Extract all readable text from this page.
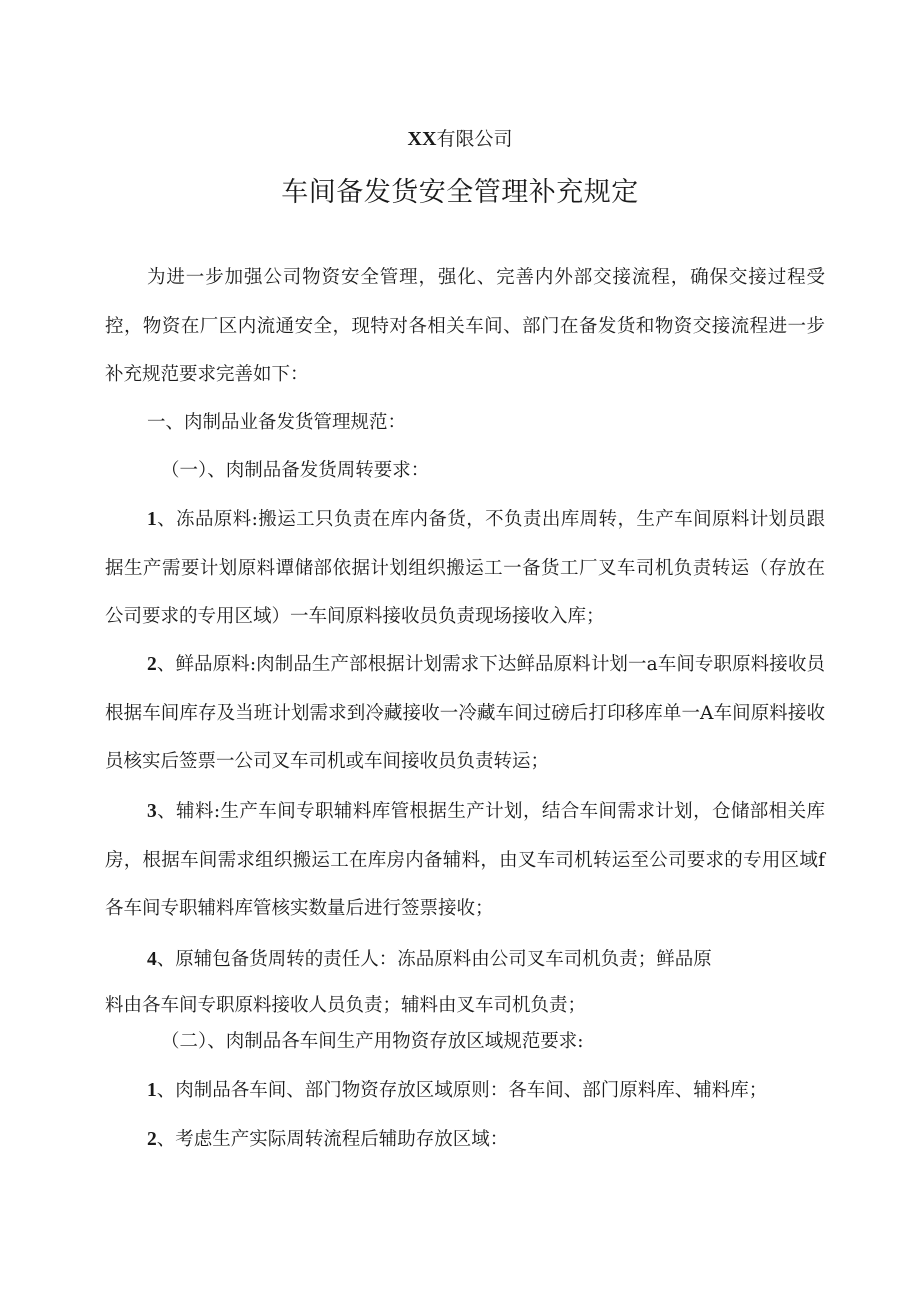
XX有限公司
车间备发货安全管理补充规定
为进一步加强公司物资安全管理，强化、完善内外部交接流程，确保交接过程受控，物资在厂区内流通安全，现特对各相关车间、部门在备发货和物资交接流程进一步补充规范要求完善如下：
一、肉制品业备发货管理规范：
（一）、肉制品备发货周转要求：
1、冻品原料:搬运工只负责在库内备货，不负责出库周转，生产车间原料计划员跟据生产需要计划原料谭储部依据计划组织搬运工一备货工厂叉车司机负责转运（存放在公司要求的专用区域）一车间原料接收员负责现场接收入库；
2、鲜品原料:肉制品生产部根据计划需求下达鲜品原料计划一a车间专职原料接收员根据车间库存及当班计划需求到冷藏接收一冷藏车间过磅后打印移库单一A车间原料接收员核实后签票一公司叉车司机或车间接收员负责转运；
3、辅料:生产车间专职辅料库管根据生产计划，结合车间需求计划，仓储部相关库房，根据车间需求组织搬运工在库房内备辅料，由叉车司机转运至公司要求的专用区域f各车间专职辅料库管核实数量后进行签票接收；
4、原辅包备货周转的责任人：冻品原料由公司叉车司机负责；鲜品原
料由各车间专职原料接收人员负责；辅料由叉车司机负责；
（二）、肉制品各车间生产用物资存放区域规范要求:
1、肉制品各车间、部门物资存放区域原则：各车间、部门原料库、辅料库；
2、考虑生产实际周转流程后辅助存放区域：
